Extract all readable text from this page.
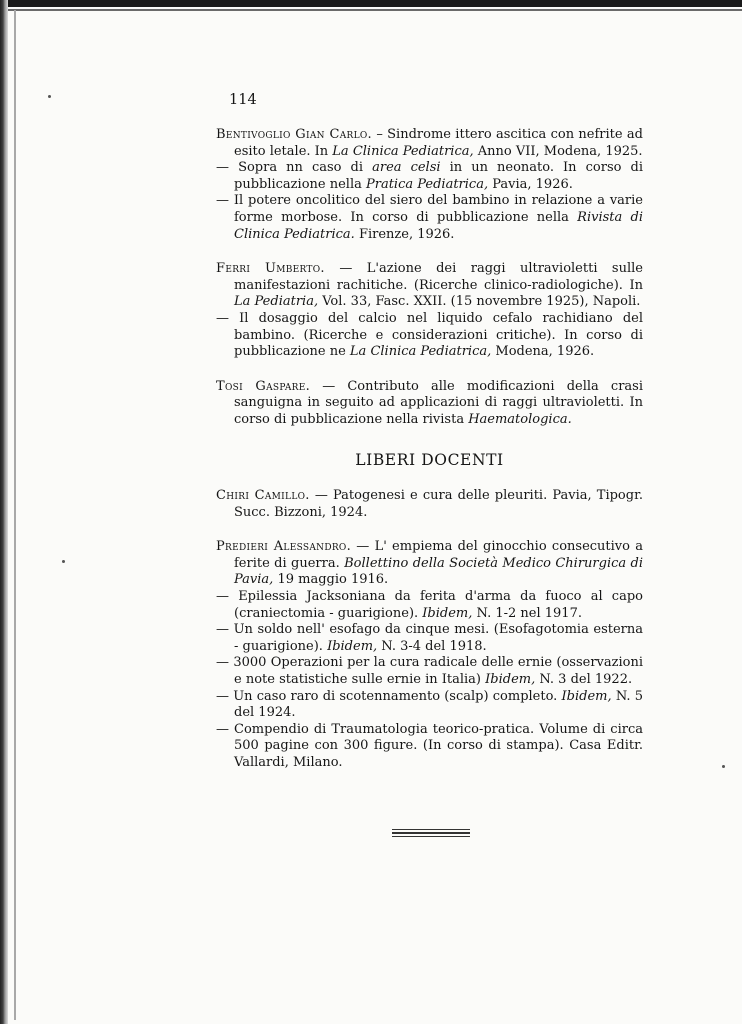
114

Bentivoglio Gian Carlo. – Sindrome ittero ascitica con nefrite ad esito letale. In La Clinica Pediatrica, Anno VII, Modena, 1925.

— Sopra nn caso di area celsi in un neonato. In corso di pubblicazione nella Pratica Pediatrica, Pavia, 1926.

— Il potere oncolitico del siero del bambino in relazione a varie forme morbose. In corso di pubblicazione nella Rivista di Clinica Pediatrica. Firenze, 1926.

Ferri Umberto. — L'azione dei raggi ultravioletti sulle manifestazioni rachitiche. (Ricerche clinico-radiologiche). In La Pediatria, Vol. 33, Fasc. XXII. (15 novembre 1925), Napoli.

— Il dosaggio del calcio nel liquido cefalo rachidiano del bambino. (Ricerche e considerazioni critiche). In corso di pubblicazione ne La Clinica Pediatrica, Modena, 1926.

Tosi Gaspare. — Contributo alle modificazioni della crasi sanguigna in seguito ad applicazioni di raggi ultravioletti. In corso di pubblicazione nella rivista Haematologica.

LIBERI DOCENTI

Chiri Camillo. — Patogenesi e cura delle pleuriti. Pavia, Tipogr. Succ. Bizzoni, 1924.

Predieri Alessandro. — L' empiema del ginocchio consecutivo a ferite di guerra. Bollettino della Società Medico Chirurgica di Pavia, 19 maggio 1916.

— Epilessia Jacksoniana da ferita d'arma da fuoco al capo (craniectomia - guarigione). Ibidem, N. 1-2 nel 1917.

— Un soldo nell' esofago da cinque mesi. (Esofagotomia esterna - guarigione). Ibidem, N. 3-4 del 1918.

— 3000 Operazioni per la cura radicale delle ernie (osservazioni e note statistiche sulle ernie in Italia) Ibidem, N. 3 del 1922.

— Un caso raro di scotennamento (scalp) completo. Ibidem, N. 5 del 1924.

— Compendio di Traumatologia teorico-pratica. Volume di circa 500 pagine con 300 figure. (In corso di stampa). Casa Editr. Vallardi, Milano.
